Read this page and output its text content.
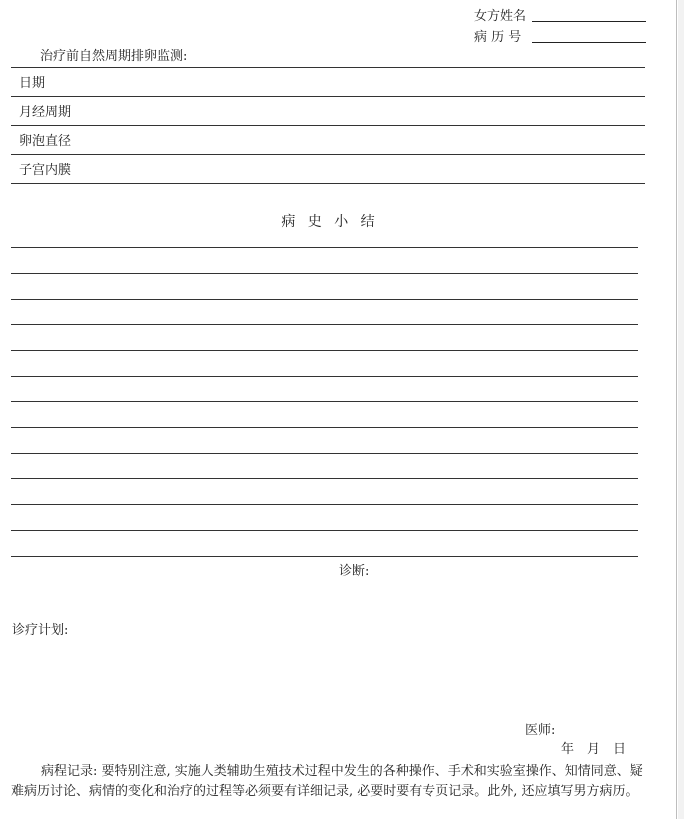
女方姓名
病 历 号
治疗前自然周期排卵监测:
日期
月经周期
卵泡直径
子宫内膜
病 史 小 结
诊断:
诊疗计划:
医师:
年　月　日
病程记录: 要特别注意, 实施人类辅助生殖技术过程中发生的各种操作、手术和实验室操作、知情同意、疑难病历讨论、病情的变化和治疗的过程等必须要有详细记录, 必要时要有专页记录。此外, 还应填写男方病历。
